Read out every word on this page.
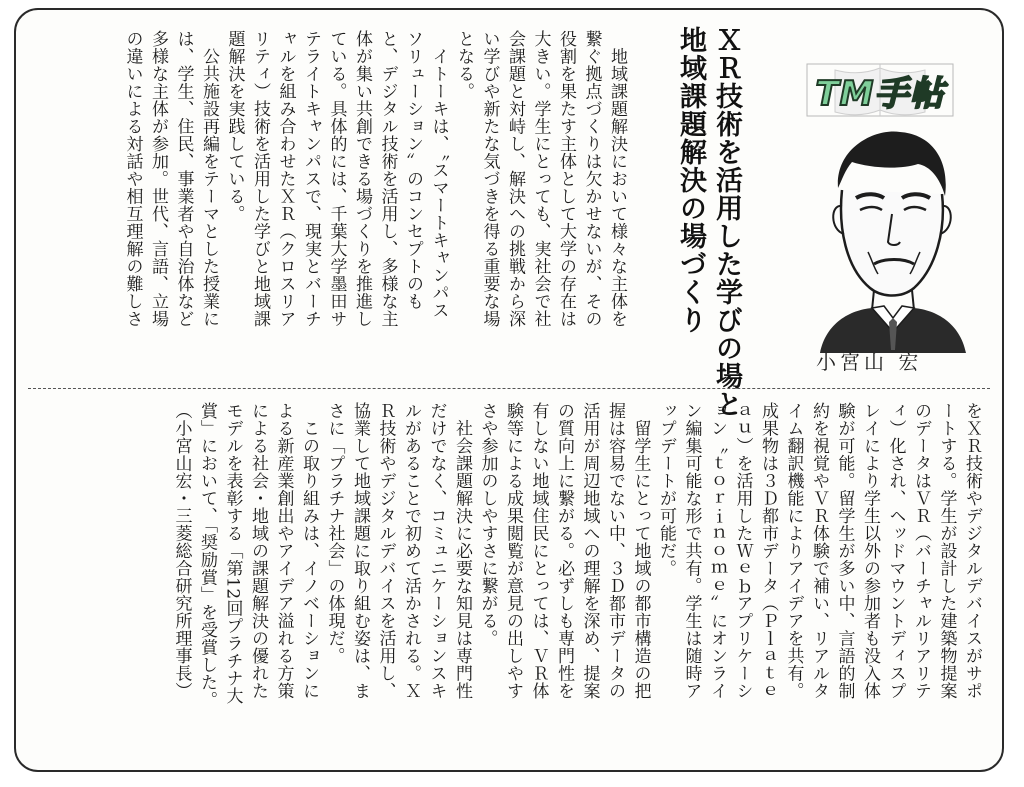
　地域課題解決において様々な主体を
繋ぐ拠点づくりは欠かせないが、その
役割を果たす主体として大学の存在は
大きい。学生にとっても、実社会で社
会課題と対峙し、解決への挑戦から深
い学びや新たな気づきを得る重要な場
となる。
　イトーキは、〝スマートキャンパス
ソリューション〟のコンセプトのも
と、デジタル技術を活用し、多様な主
体が集い共創できる場づくりを推進し
ている。具体的には、千葉大学墨田サ
テライトキャンパスで、現実とバーチ
ャルを組み合わせたＸＲ（クロスリア
リティ）技術を活用した学びと地域課
題解決を実践している。
　公共施設再編をテーマとした授業に
は、学生、住民、事業者や自治体など
多様な主体が参加。世代、言語、立場
の違いによる対話や相互理解の難しさ	ＸＲ技術を活用した学びの場と
地域課題解決の場づくり	TM手帖
小宮山 宏
をＸＲ技術やデジタルデバイスがサポ
ートする。学生が設計した建築物提案
のデータはＶＲ（バーチャルリアリテ
ィ）化され、ヘッドマウントディスプ
レイにより学生以外の参加者も没入体
験が可能。留学生が多い中、言語的制
約を視覚やＶＲ体験で補い、リアルタ
イム翻訳機能によりアイデアを共有。
成果物は３Ｄ都市データ（Ｐｌａｔｅ
ａｕ）を活用したＷｅｂアプリケーシ
ョン〝ｔｏｒｉｎｏｍｅ〟にオンライ
ン編集可能な形で共有。学生は随時ア
ップデートが可能だ。
　留学生にとって地域の都市構造の把
握は容易でない中、３Ｄ都市データの
活用が周辺地域への理解を深め、提案
の質向上に繋がる。必ずしも専門性を
有しない地域住民にとっては、ＶＲ体
験等による成果閲覧が意見の出しやす
さや参加のしやすさに繋がる。
　社会課題解決に必要な知見は専門性
だけでなく、コミュニケーションスキ
ルがあることで初めて活かされる。Ｘ
Ｒ技術やデジタルデバイスを活用し、
協業して地域課題に取り組む姿は、ま
さに「プラチナ社会」の体現だ。
　この取り組みは、イノベーションに
よる新産業創出やアイデア溢れる方策
による社会・地域の課題解決の優れた
モデルを表彰する「第12回プラチナ大
賞」において、「奨励賞」を受賞した。
（小宮山宏・三菱総合研究所理事長）
